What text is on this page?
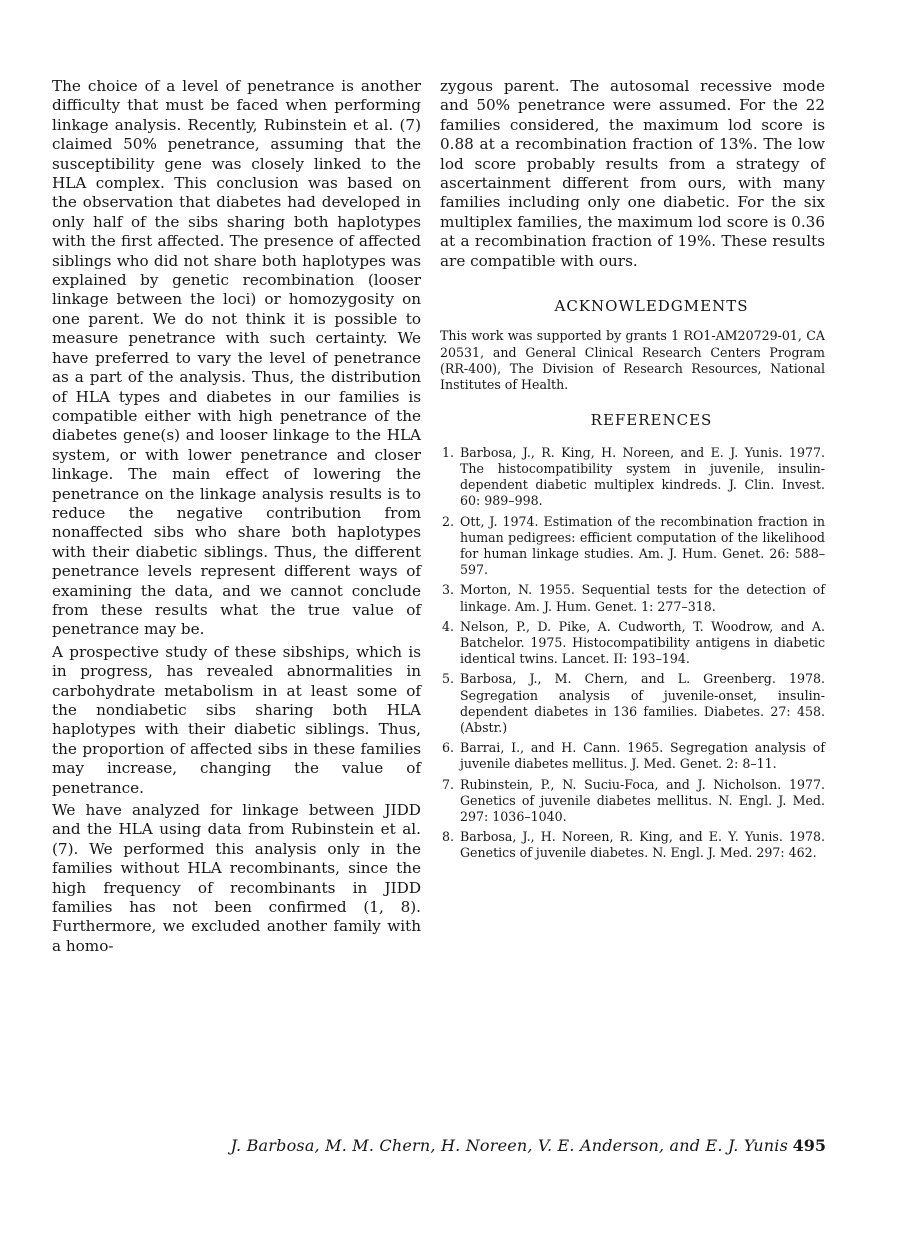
The choice of a level of penetrance is another difficulty that must be faced when performing linkage analysis. Recently, Rubinstein et al. (7) claimed 50% penetrance, assuming that the susceptibility gene was closely linked to the HLA complex. This conclusion was based on the observation that diabetes had developed in only half of the sibs sharing both haplotypes with the first affected. The presence of affected siblings who did not share both haplotypes was explained by genetic recombination (looser linkage between the loci) or homozygosity on one parent. We do not think it is possible to measure penetrance with such certainty. We have preferred to vary the level of penetrance as a part of the analysis. Thus, the distribution of HLA types and diabetes in our families is compatible either with high penetrance of the diabetes gene(s) and looser linkage to the HLA system, or with lower penetrance and closer linkage. The main effect of lowering the penetrance on the linkage analysis results is to reduce the negative contribution from nonaffected sibs who share both haplotypes with their diabetic siblings. Thus, the different penetrance levels represent different ways of examining the data, and we cannot conclude from these results what the true value of penetrance may be.

A prospective study of these sibships, which is in progress, has revealed abnormalities in carbohydrate metabolism in at least some of the nondiabetic sibs sharing both HLA haplotypes with their diabetic siblings. Thus, the proportion of affected sibs in these families may increase, changing the value of penetrance.

We have analyzed for linkage between JIDD and the HLA using data from Rubinstein et al. (7). We performed this analysis only in the families without HLA recombinants, since the high frequency of recombinants in JIDD families has not been confirmed (1, 8). Furthermore, we excluded another family with a homo-

zygous parent. The autosomal recessive mode and 50% penetrance were assumed. For the 22 families considered, the maximum lod score is 0.88 at a recombination fraction of 13%. The low lod score probably results from a strategy of ascertainment different from ours, with many families including only one diabetic. For the six multiplex families, the maximum lod score is 0.36 at a recombination fraction of 19%. These results are compatible with ours.

ACKNOWLEDGMENTS

This work was supported by grants 1 RO1-AM20729-01, CA 20531, and General Clinical Research Centers Program (RR-400), The Division of Research Resources, National Institutes of Health.

REFERENCES
1. Barbosa, J., R. King, H. Noreen, and E. J. Yunis. 1977. The histocompatibility system in juvenile, insulin-dependent diabetic multiplex kindreds. J. Clin. Invest. 60: 989–998.
2. Ott, J. 1974. Estimation of the recombination fraction in human pedigrees: efficient computation of the likelihood for human linkage studies. Am. J. Hum. Genet. 26: 588–597.
3. Morton, N. 1955. Sequential tests for the detection of linkage. Am. J. Hum. Genet. 1: 277–318.
4. Nelson, P., D. Pike, A. Cudworth, T. Woodrow, and A. Batchelor. 1975. Histocompatibility antigens in diabetic identical twins. Lancet. II: 193–194.
5. Barbosa, J., M. Chern, and L. Greenberg. 1978. Segregation analysis of juvenile-onset, insulin-dependent diabetes in 136 families. Diabetes. 27: 458. (Abstr.)
6. Barrai, I., and H. Cann. 1965. Segregation analysis of juvenile diabetes mellitus. J. Med. Genet. 2: 8–11.
7. Rubinstein, P., N. Suciu-Foca, and J. Nicholson. 1977. Genetics of juvenile diabetes mellitus. N. Engl. J. Med. 297: 1036–1040.
8. Barbosa, J., H. Noreen, R. King, and E. Y. Yunis. 1978. Genetics of juvenile diabetes. N. Engl. J. Med. 297: 462.
J. Barbosa, M. M. Chern, H. Noreen, V. E. Anderson, and E. J. Yunis 495
